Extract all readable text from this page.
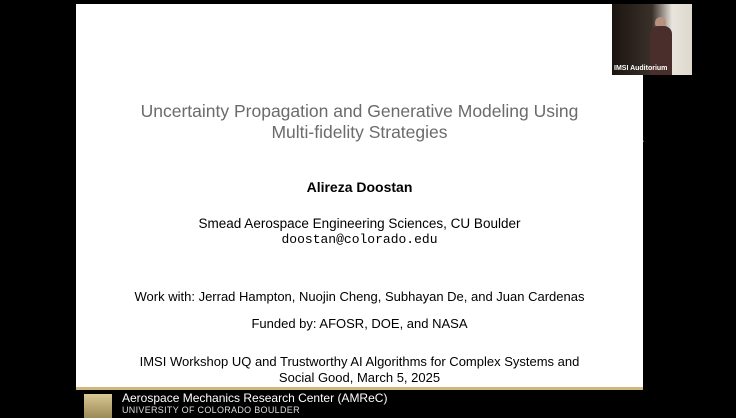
Uncertainty Propagation and Generative Modeling Using
Multi-fidelity Strategies
Alireza Doostan
Smead Aerospace Engineering Sciences, CU Boulder
doostan@colorado.edu
Work with: Jerrad Hampton, Nuojin Cheng, Subhayan De, and Juan Cardenas
Funded by: AFOSR, DOE, and NASA
IMSI Workshop UQ and Trustworthy AI Algorithms for Complex Systems and
Social Good, March 5, 2025
Aerospace Mechanics Research Center (AMReC)
UNIVERSITY OF COLORADO BOULDER
IMSI Auditorium
➤
